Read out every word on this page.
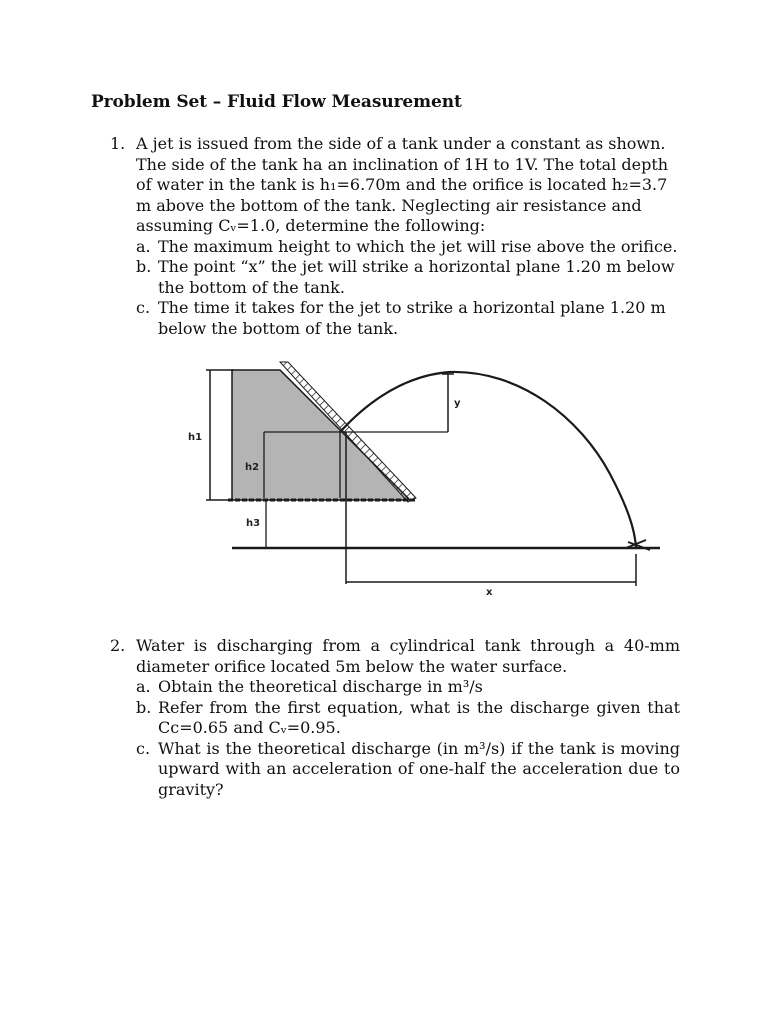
Problem Set – Fluid Flow Measurement
1. A jet is issued from the side of a tank under a constant as shown. The side of the tank ha an inclination of 1H to 1V. The total depth of water in the tank is h₁=6.70m and the orifice is located h₂=3.7 m above the bottom of the tank. Neglecting air resistance and assuming Cᵥ=1.0, determine the following:
a. The maximum height to which the jet will rise above the orifice.
b. The point “x” the jet will strike a horizontal plane 1.20 m below the bottom of the tank.
c. The time it takes for the jet to strike a horizontal plane 1.20 m below the bottom of the tank.
h1
h2
h3
y
x
2. Water is discharging from a cylindrical tank through a 40-mm diameter orifice located 5m below the water surface.
a. Obtain the theoretical discharge in m³/s
b. Refer from the first equation, what is the discharge given that Cc=0.65 and Cᵥ=0.95.
c. What is the theoretical discharge (in m³/s) if the tank is moving upward with an acceleration of one-half the acceleration due to gravity?
